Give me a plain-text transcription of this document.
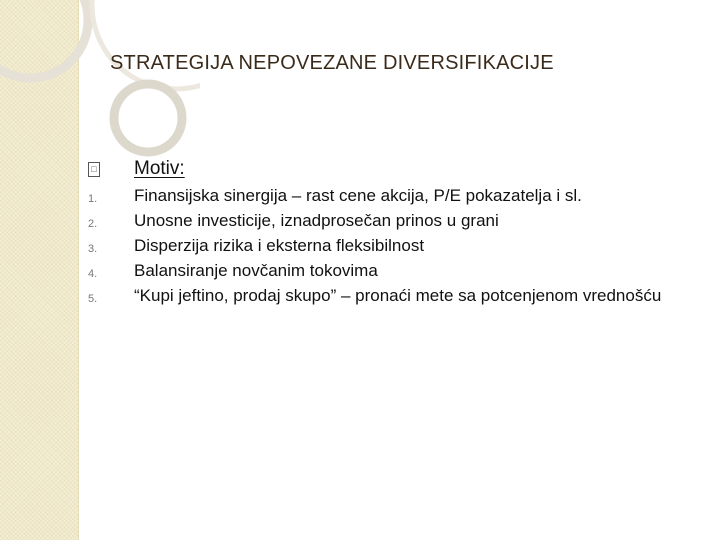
STRATEGIJA NEPOVEZANE DIVERSIFIKACIJE
□ Motiv:
1. Finansijska sinergija – rast cene akcija, P/E pokazatelja i sl.
2. Unosne investicije, iznadprosečan prinos u grani
3. Disperzija rizika i eksterna fleksibilnost
4. Balansiranje novčanim tokovima
5. “Kupi jeftino, prodaj skupo” – pronaći mete sa potcenjenom vrednošću
